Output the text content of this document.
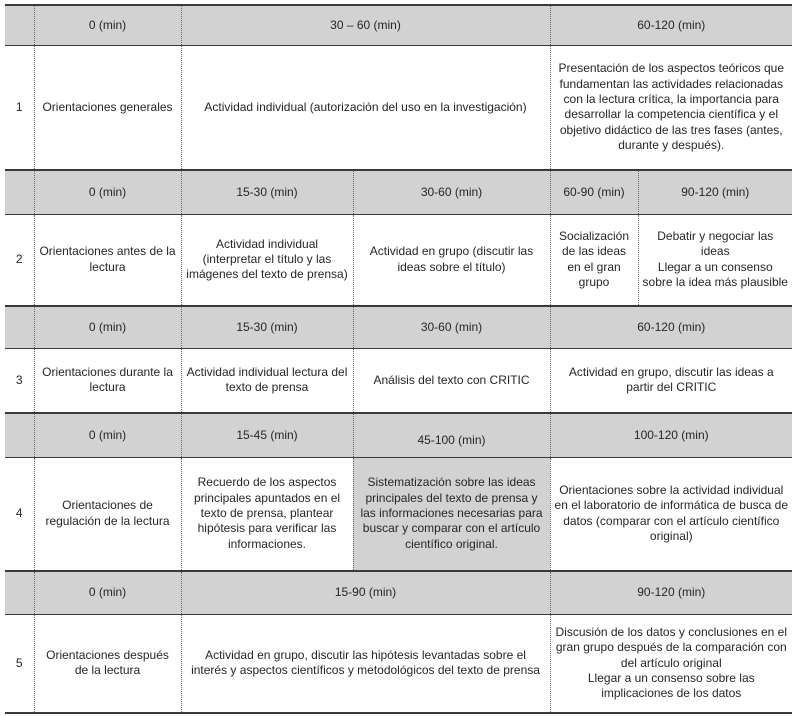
	0 (min)	30 – 60 (min)		60-120 (min)	
1	Orientaciones generales	Actividad individual (autorización del uso en la investigación)		Presentación de los aspectos teóricos que fundamentan las actividades relacionadas con la lectura crítica, la importancia para desarrollar la competencia científica y el objetivo didáctico de las tres fases (antes, durante y después).	
	0 (min)	15-30 (min)	30-60 (min)	60-90 (min)	90-120 (min)
2	Orientaciones antes de la lectura	Actividad individual (interpretar el título y las imágenes del texto de prensa)	Actividad en grupo (discutir las ideas sobre el título)	Socialización de las ideas en el gran grupo	Debatir y negociar las ideas
Llegar a un consenso sobre la idea más plausible

	0 (min)	15-30 (min)	30-60 (min)	60-120 (min)	
3	Orientaciones durante la lectura	Actividad individual lectura del texto de prensa	Análisis del texto con CRITIC	Actividad en grupo, discutir las ideas a partir del CRITIC	
	0 (min)	15-45 (min)	45-100 (min)	100-120 (min)	
4	Orientaciones de regulación de la lectura	Recuerdo de los aspectos principales apuntados en el texto de prensa, plantear hipótesis para verificar las informaciones.	Sistematización sobre las ideas principales del texto de prensa y las informaciones necesarias para buscar y comparar con el artículo científico original.	Orientaciones sobre la actividad individual en el laboratorio de informática de busca de datos (comparar con el artículo científico original)	
	0 (min)	15-90 (min)		90-120 (min)	
5	Orientaciones después de la lectura	Actividad en grupo, discutir las hipótesis levantadas sobre el interés y aspectos científicos y metodológicos del texto de prensa		Discusión de los datos y conclusiones en el gran grupo después de la comparación con del artículo original
Llegar a un consenso sobre las implicaciones de los datos	
